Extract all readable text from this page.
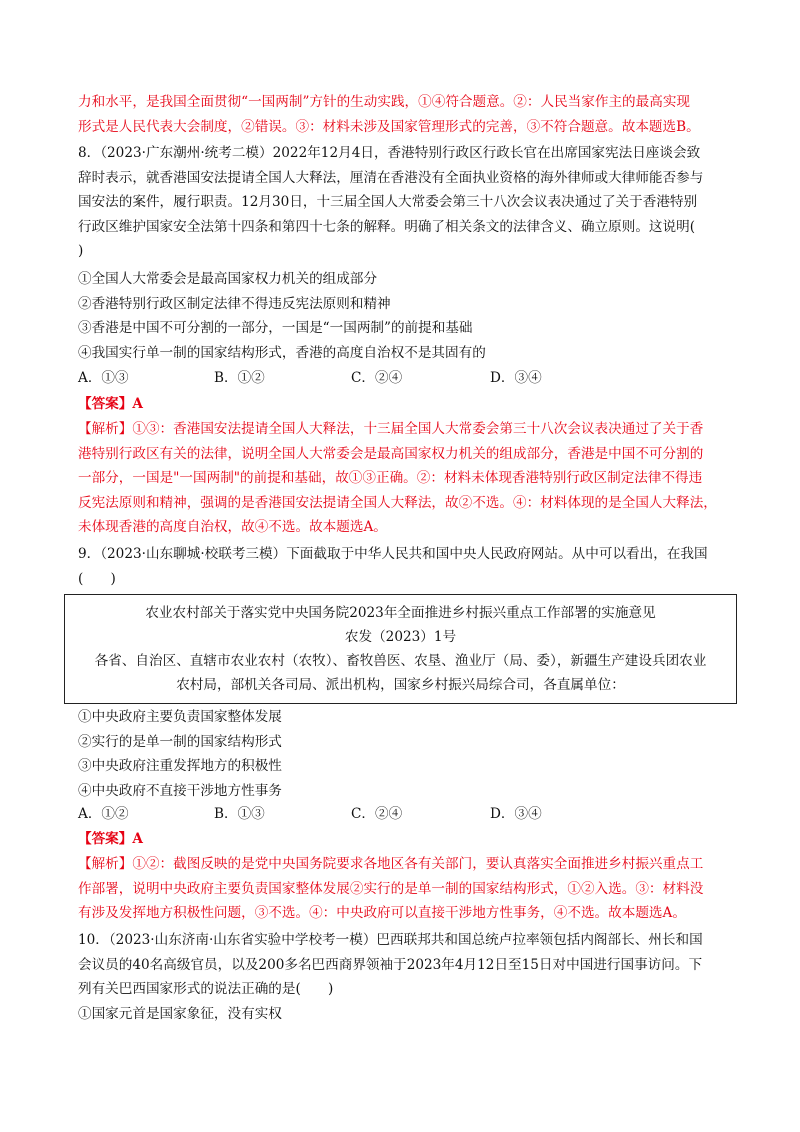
力和水平，是我国全面贯彻“一国两制”方针的生动实践，①④符合题意。②：人民当家作主的最高实现
形式是人民代表大会制度，②错误。③：材料未涉及国家管理形式的完善，③不符合题意。故本题选B。
8．（2023·广东潮州·统考二模）2022年12月4日，香港特别行政区行政长官在出席国家宪法日座谈会致
辞时表示，就香港国安法提请全国人大释法，厘清在香港没有全面执业资格的海外律师或大律师能否参与
国安法的案件，履行职责。12月30日，十三届全国人大常委会第三十八次会议表决通过了关于香港特别
行政区维护国家安全法第十四条和第四十七条的解释。明确了相关条文的法律含义、确立原则。这说明(
)
①全国人大常委会是最高国家权力机关的组成部分
②香港特别行政区制定法律不得违反宪法原则和精神
③香港是中国不可分割的一部分，一国是“一国两制”的前提和基础
④我国实行单一制的国家结构形式，香港的高度自治权不是其固有的
A．①③	B．①②	C．②④	D．③④
【答案】A
【解析】①③：香港国安法提请全国人大释法，十三届全国人大常委会第三十八次会议表决通过了关于香
港特别行政区有关的法律，说明全国人大常委会是最高国家权力机关的组成部分，香港是中国不可分割的
一部分，一国是"一国两制"的前提和基础，故①③正确。②：材料未体现香港特别行政区制定法律不得违
反宪法原则和精神，强调的是香港国安法提请全国人大释法，故②不选。④：材料体现的是全国人大释法，
未体现香港的高度自治权，故④不选。故本题选A。
9．（2023·山东聊城·校联考三模）下面截取于中华人民共和国中央人民政府网站。从中可以看出，在我国
(　　)
农业农村部关于落实党中央国务院2023年全面推进乡村振兴重点工作部署的实施意见
农发（2023）1号
各省、自治区、直辖市农业农村（农牧）、畜牧兽医、农垦、渔业厅（局、委），新疆生产建设兵团农业
农村局，部机关各司局、派出机构，国家乡村振兴局综合司，各直属单位：
①中央政府主要负责国家整体发展
②实行的是单一制的国家结构形式
③中央政府注重发挥地方的积极性
④中央政府不直接干涉地方性事务
A．①②	B．①③	C．②④	D．③④
【答案】A
【解析】①②：截图反映的是党中央国务院要求各地区各有关部门，要认真落实全面推进乡村振兴重点工
作部署，说明中央政府主要负责国家整体发展②实行的是单一制的国家结构形式，①②入选。③：材料没
有涉及发挥地方积极性问题，③不选。④：中央政府可以直接干涉地方性事务，④不选。故本题选A。
10．（2023·山东济南·山东省实验中学校考一模）巴西联邦共和国总统卢拉率领包括内阁部长、州长和国
会议员的40名高级官员，以及200多名巴西商界领袖于2023年4月12日至15日对中国进行国事访问。下
列有关巴西国家形式的说法正确的是(　　)
①国家元首是国家象征，没有实权
